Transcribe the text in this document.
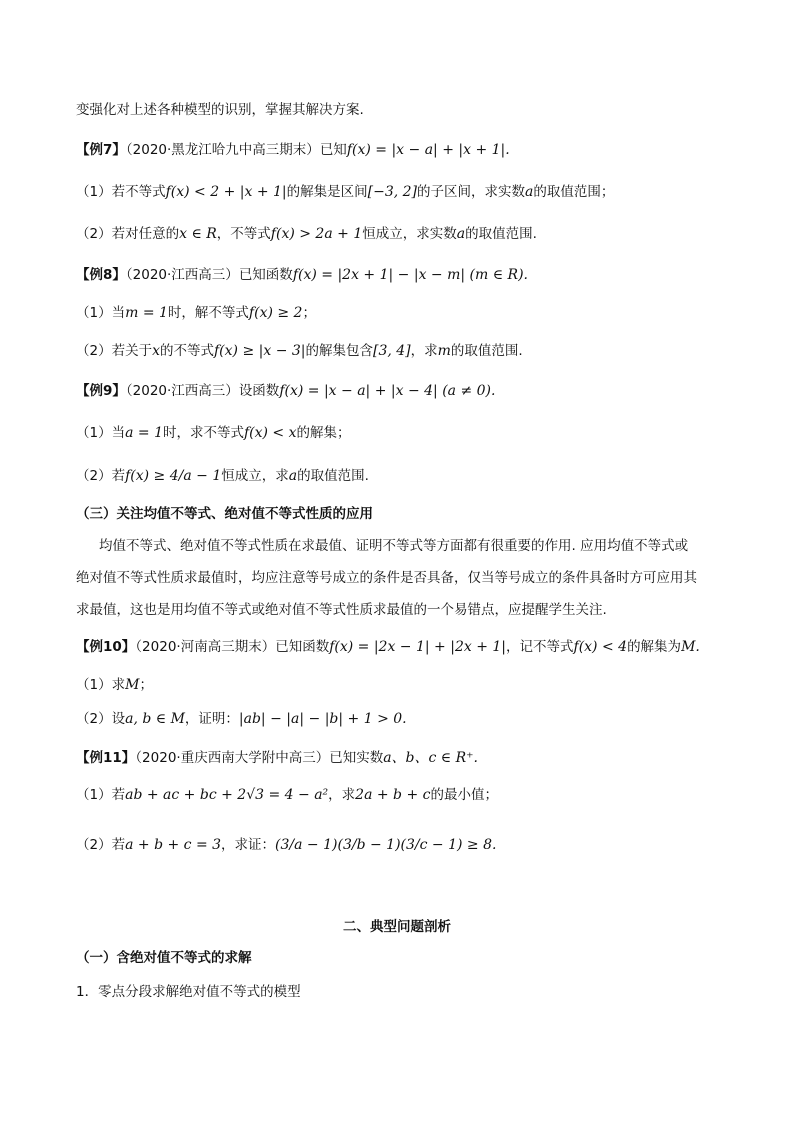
变强化对上述各种模型的识别，掌握其解决方案.
【例7】（2020·黑龙江哈九中高三期末）已知f(x) = |x − a| + |x + 1|.
（1）若不等式f(x) < 2 + |x + 1|的解集是区间[−3, 2]的子区间，求实数a的取值范围；
（2）若对任意的x ∈ R，不等式f(x) > 2a + 1恒成立，求实数a的取值范围.
【例8】（2020·江西高三）已知函数f(x) = |2x + 1| − |x − m| (m ∈ R).
（1）当m = 1时，解不等式f(x) ≥ 2；
（2）若关于x的不等式f(x) ≥ |x − 3|的解集包含[3, 4]，求m的取值范围.
【例9】（2020·江西高三）设函数f(x) = |x − a| + |x − 4| (a ≠ 0).
（1）当a = 1时，求不等式f(x) < x的解集；
（2）若f(x) ≥ 4/a − 1恒成立，求a的取值范围.
（三）关注均值不等式、绝对值不等式性质的应用
均值不等式、绝对值不等式性质在求最值、证明不等式等方面都有很重要的作用. 应用均值不等式或
绝对值不等式性质求最值时，均应注意等号成立的条件是否具备，仅当等号成立的条件具备时方可应用其
求最值，这也是用均值不等式或绝对值不等式性质求最值的一个易错点，应提醒学生关注.
【例10】（2020·河南高三期末）已知函数f(x) = |2x − 1| + |2x + 1|，记不等式f(x) < 4的解集为M.
（1）求M；
（2）设a, b ∈ M，证明：|ab| − |a| − |b| + 1 > 0.
【例11】（2020·重庆西南大学附中高三）已知实数a、b、c ∈ R⁺.
（1）若ab + ac + bc + 2√3 = 4 − a²，求2a + b + c的最小值；
（2）若a + b + c = 3，求证：(3/a − 1)(3/b − 1)(3/c − 1) ≥ 8.
二、典型问题剖析
（一）含绝对值不等式的求解
1．零点分段求解绝对值不等式的模型
